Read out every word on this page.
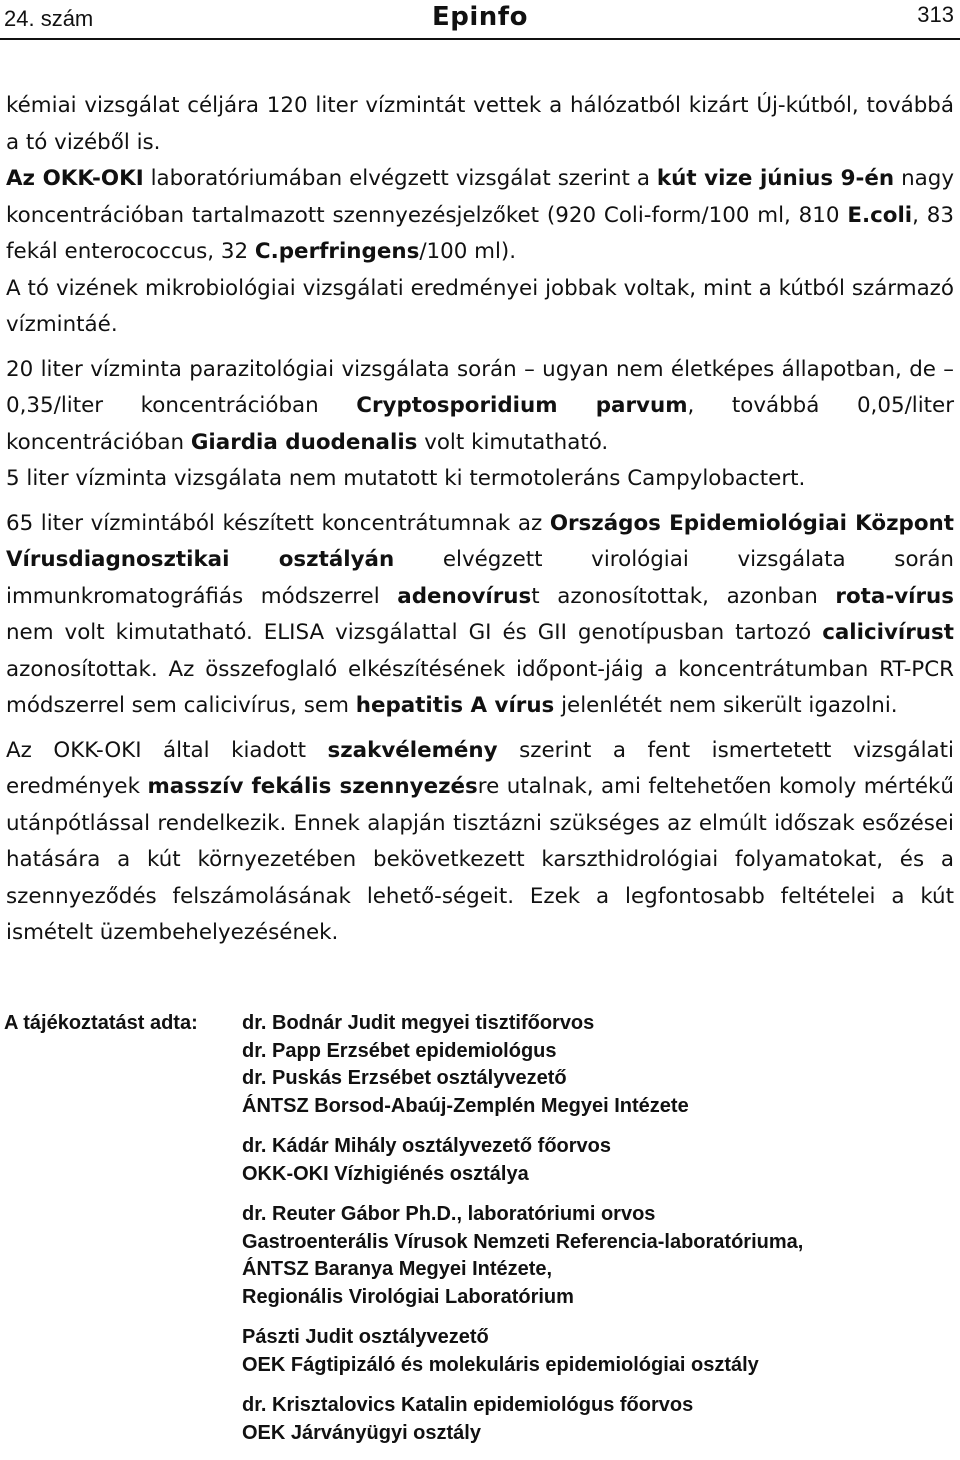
24. szám	Epinfo	313

kémiai vizsgálat céljára 120 liter vízmintát vettek a hálózatból kizárt Új-kútból, továbbá a tó vizéből is.

Az OKK-OKI laboratóriumában elvégzett vizsgálat szerint a kút vize június 9-én nagy koncentrációban tartalmazott szennyezésjelzőket (920 Coli-form/100 ml, 810 E.coli, 83 fekál enterococcus, 32 C.perfringens/100 ml).

A tó vizének mikrobiológiai vizsgálati eredményei jobbak voltak, mint a kútból származó vízmintáé.

20 liter vízminta parazitológiai vizsgálata során – ugyan nem életképes állapotban, de – 0,35/liter koncentrációban Cryptosporidium parvum, továbbá 0,05/liter koncentrációban Giardia duodenalis volt kimutatható.

5 liter vízminta vizsgálata nem mutatott ki termotoleráns Campylobactert.

65 liter vízmintából készített koncentrátumnak az Országos Epidemiológiai Központ Vírusdiagnosztikai osztályán elvégzett virológiai vizsgálata során immunkromatográfiás módszerrel adenovírust azonosítottak, azonban rota-vírus nem volt kimutatható. ELISA vizsgálattal GI és GII genotípusban tartozó calicivírust azonosítottak. Az összefoglaló elkészítésének időpont-jáig a koncentrátumban RT-PCR módszerrel sem calicivírus, sem hepatitis A vírus jelenlétét nem sikerült igazolni.

Az OKK-OKI által kiadott szakvélemény szerint a fent ismertetett vizsgálati eredmények masszív fekális szennyezésre utalnak, ami feltehetően komoly mértékű utánpótlással rendelkezik. Ennek alapján tisztázni szükséges az elmúlt időszak esőzései hatására a kút környezetében bekövetkezett karszthidrológiai folyamatokat, és a szennyeződés felszámolásának lehető-ségeit. Ezek a legfontosabb feltételei a kút ismételt üzembehelyezésének.

A tájékoztatást adta: dr. Bodnár Judit megyei tisztifőorvos
dr. Papp Erzsébet epidemiológus
dr. Puskás Erzsébet osztályvezető
ÁNTSZ Borsod-Abaúj-Zemplén Megyei Intézete
dr. Kádár Mihály osztályvezető főorvos
OKK-OKI Vízhigiénés osztálya
dr. Reuter Gábor Ph.D., laboratóriumi orvos
Gastroenterális Vírusok Nemzeti Referencia-laboratóriuma,
ÁNTSZ Baranya Megyei Intézete,
Regionális Virológiai Laboratórium
Pászti Judit osztályvezető
OEK Fágtipizáló és molekuláris epidemiológiai osztály
dr. Krisztalovics Katalin epidemiológus főorvos
OEK Járványügyi osztály
